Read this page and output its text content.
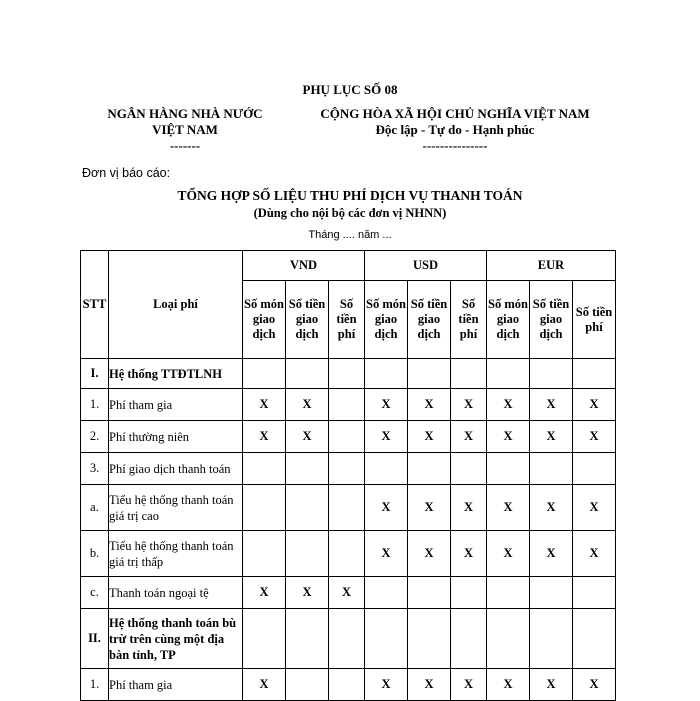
PHỤ LỤC SỐ 08
NGÂN HÀNG NHÀ NƯỚC
VIỆT NAM
-------
CỘNG HÒA XÃ HỘI CHỦ NGHĨA VIỆT NAM
Độc lập - Tự do - Hạnh phúc
---------------
Đơn vị báo cáo:
TỔNG HỢP SỐ LIỆU THU PHÍ DỊCH VỤ THANH TOÁN
(Dùng cho nội bộ các đơn vị NHNN)
Tháng .... năm ...
STT	Loại phí	VND			USD			EUR		
		Số món giao dịch	Số tiền giao dịch	Số tiền phí	Số món giao dịch	Số tiền giao dịch	Số tiền phí	Số món giao dịch	Số tiền giao dịch	Số tiền phí
I.	Hệ thống TTĐTLNH									
1.	Phí tham gia	X	X		X	X	X	X	X	X
2.	Phí thường niên	X	X		X	X	X	X	X	X
3.	Phí giao dịch thanh toán									
a.	Tiểu hệ thống thanh toán giá trị cao				X	X	X	X	X	X
b.	Tiểu hệ thống thanh toán giá trị thấp				X	X	X	X	X	X
c.	Thanh toán ngoại tệ	X	X	X						
II.	Hệ thống thanh toán bù trừ trên cùng một địa bàn tỉnh, TP									
1.	Phí tham gia	X			X	X	X	X	X	X
